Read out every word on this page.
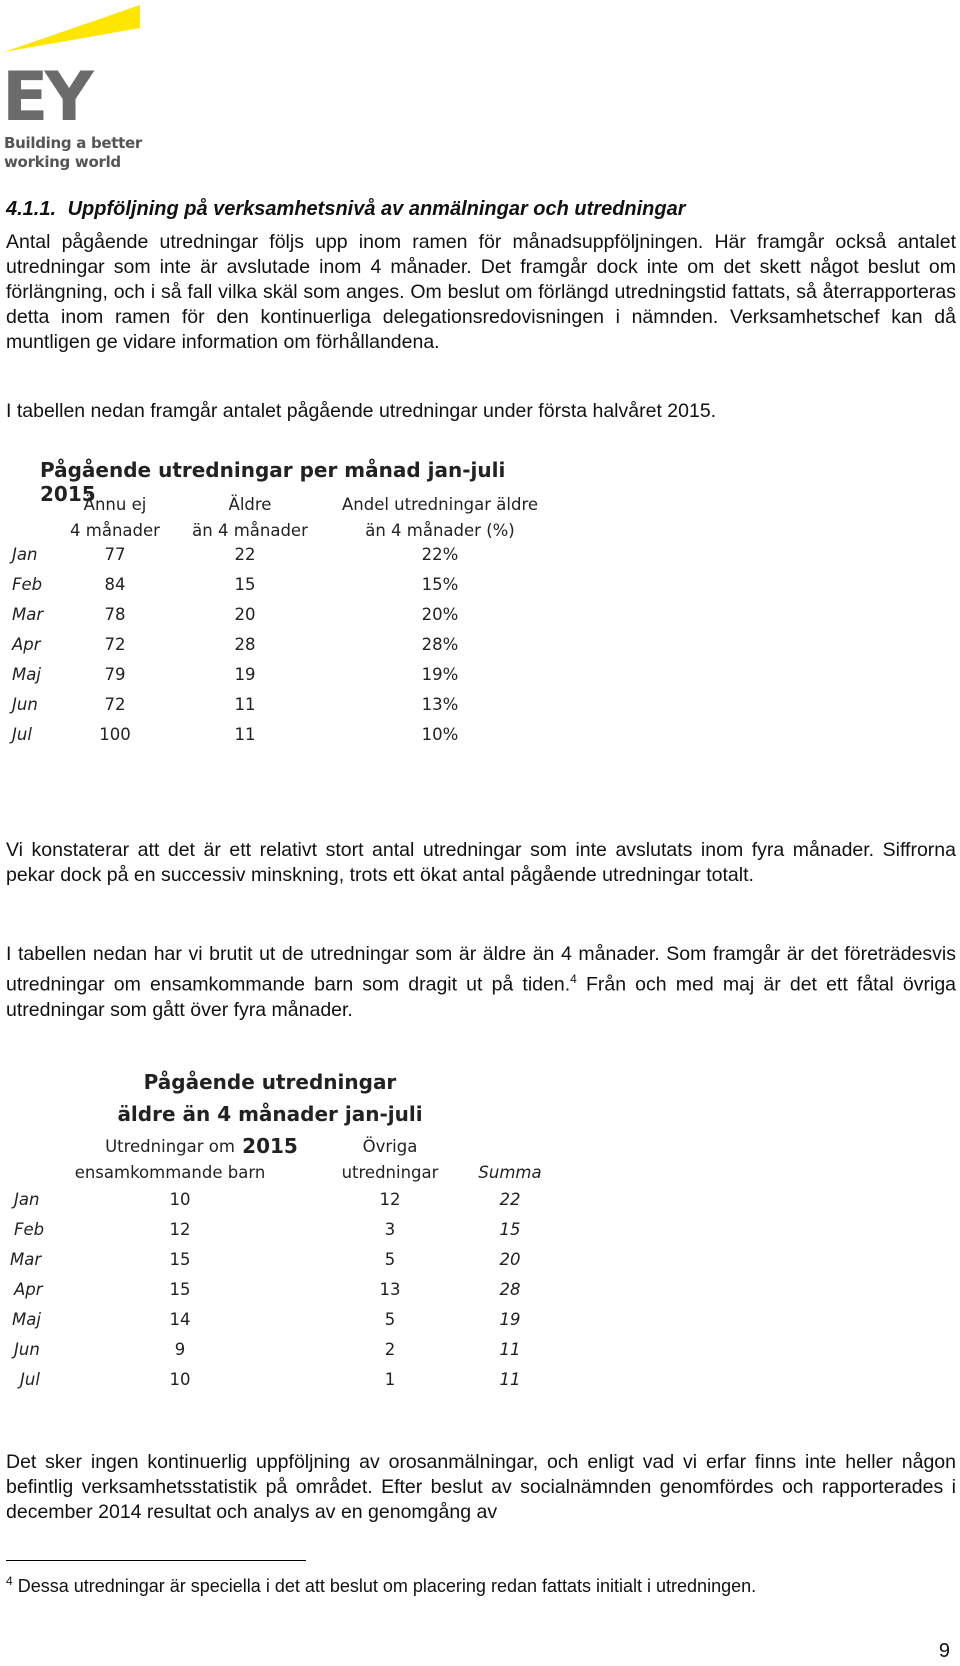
EY
Building a better
working world
4.1.1. Uppföljning på verksamhetsnivå av anmälningar och utredningar

Antal pågående utredningar följs upp inom ramen för månadsuppföljningen. Här framgår också antalet utredningar som inte är avslutade inom 4 månader. Det framgår dock inte om det skett något beslut om förlängning, och i så fall vilka skäl som anges. Om beslut om förlängd utredningstid fattats, så återrapporteras detta inom ramen för den kontinuerliga delegationsredovisningen i nämnden. Verksamhetschef kan då muntligen ge vidare information om förhållandena.

I tabellen nedan framgår antalet pågående utredningar under första halvåret 2015.

Pågående utredningar per månad jan-juli 2015
Ännu ej
4 månader
Äldre
än 4 månader
Andel utredningar äldre
än 4 månader (%)
Jan	77	22	22%
Feb	84	15	15%
Mar	78	20	20%
Apr	72	28	28%
Maj	79	19	19%
Jun	72	11	13%
Jul	100	11	10%

Vi konstaterar att det är ett relativt stort antal utredningar som inte avslutats inom fyra månader. Siffrorna pekar dock på en successiv minskning, trots ett ökat antal pågående utredningar totalt.

I tabellen nedan har vi brutit ut de utredningar som är äldre än 4 månader. Som framgår är det företrädesvis utredningar om ensamkommande barn som dragit ut på tiden.$^4$ Från och med maj är det ett fåtal övriga utredningar som gått över fyra månader.

Pågående utredningar
äldre än 4 månader jan-juli 2015
Utredningar om
ensamkommande barn
Övriga
utredningar	Summa
Jan	10	12	22
Feb	12	3	15
Mar	15	5	20
Apr	15	13	28
Maj	14	5	19
Jun	9	2	11
Jul	10	1	11

Det sker ingen kontinuerlig uppföljning av orosanmälningar, och enligt vad vi erfar finns inte heller någon befintlig verksamhetsstatistik på området. Efter beslut av socialnämnden genomfördes och rapporterades i december 2014 resultat och analys av en genomgång av

$^4$ Dessa utredningar är speciella i det att beslut om placering redan fattats initialt i utredningen.
9
